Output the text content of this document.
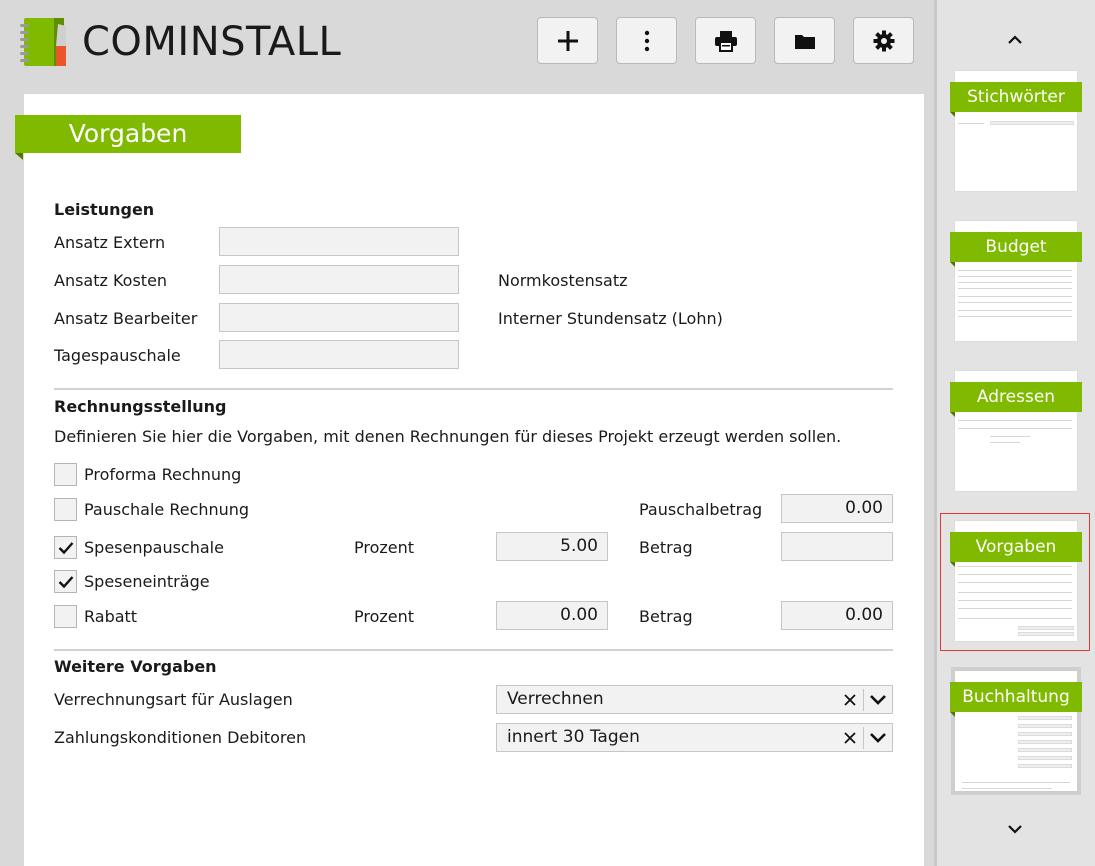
COMINSTALL
Vorgaben
Leistungen
Ansatz Extern
Ansatz Kosten	Normkostensatz
Ansatz Bearbeiter	Interner Stundensatz (Lohn)
Tagespauschale
Rechnungsstellung
Definieren Sie hier die Vorgaben, mit denen Rechnungen für dieses Projekt erzeugt werden sollen.
Proforma Rechnung
Pauschale Rechnung	Pauschalbetrag	0.00
Spesenpauschale	Prozent	5.00	Betrag
Speseneinträge
Rabatt	Prozent	0.00	Betrag	0.00
Weitere Vorgaben
Verrechnungsart für Auslagen	Verrechnen
Zahlungskonditionen Debitoren	innert 30 Tagen
Stichwörter
Budget
Adressen
Vorgaben
Buchhaltung
